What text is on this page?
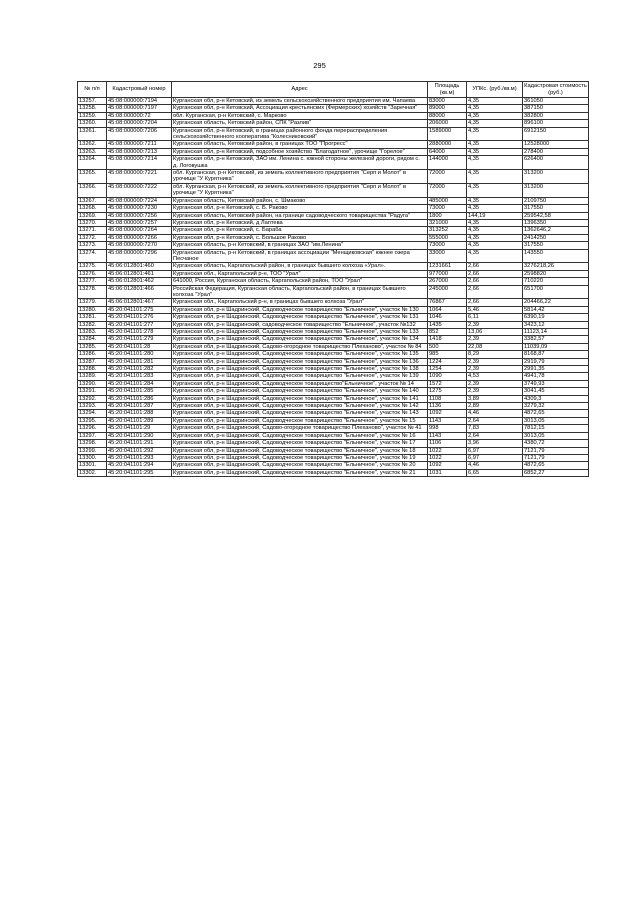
295
№ п/п	Кадастровый номер	Адрес	Площадь (кв.м)	УПКс. (руб./кв.м)	Кадастровая стоимость (руб.)
13257.	45:08:000000:7194	Курганская обл, р-н Кетовский, из земель сельскохозяйственного предприятия им. Чапаева	83000	4,35	361050
13258.	45:08:000000:7197	Курганская обл, р-н Кетовский, Ассоциация крестьянских (Фермерских) хозяйств "Заречная"	89000	4,35	387150
13259.	45:08:000000:72	обл. Курганская, р-н Кетовский, с. Марково	88000	4,35	382800
13260.	45:08:000000:7204	Курганская область, Кетовский район, СПК "Разлив"	206000	4,35	896100
13261.	45:08:000000:7206	Курганская обл, р-н Кетовский, в границах районного фонда перераспределения сельскохозяйственного кооператива "Колесниковский"	1589000	4,35	6912150
13262.	45:08:000000:7211	Курганская область, Кетовский район, в границах ТОО "Прогресс"	2880000	4,35	12528000
13263.	45:08:000000:7213	Курганская обл, р-н Кетовский, подсобное хозяйство "Благодатное", урочище "Горелое"	64000	4,35	278400
13264.	45:08:000000:7214	Курганская обл, р-н Кетовский, ЗАО им. Ленина с. южной стороны железной дороги, рядом с. д. Логовушка	144000	4,35	626400
13265.	45:08:000000:7221	обл. Курганская, р-н Кетовский, из земель коллективного предприятия "Серп и Молот" в урочище "У Курятника"	72000	4,35	313200
13266.	45:08:000000:7222	обл. Курганская, р-н Кетовский, из земель коллективного предприятия "Серп и Молот" в урочище "У Курятника"	72000	4,35	313200
13267.	45:08:000000:7224	Курганская область, Кетовский район, с. Шмаково	485000	4,35	2109750
13268.	45:08:000000:7230	Курганская обл, р-н Кетовский, с. Б. Раково	73000	4,35	317550
13269.	45:08:000000:7256	Курганская область, Кетовский район, на границе садоводческого товарищества "Радуга"	1800	144,19	259542,58
13270.	45:08:000000:7257	Курганская обл, р-н Кетовский, д Лаптева	321000	4,35	1396350
13271.	45:08:000000:7264	Курганская обл, р-н Кетовский, с. Бараба	313252	4,35	1362646,2
13272.	45:08:000000:7266	Курганская обл, р-н Кетовский, с. Большое Раково	555000	4,35	2414250
13273.	45:08:000000:7270	Курганская область, р-н Кетовский, в границах ЗАО "им.Ленина"	73000	4,35	317550
13274.	45:08:000000:7296	Курганская область, р-н Кетовский, в границах ассоциации "Менщиковская" южнее озера Песчаное	33000	4,35	143550
13275.	45:06:012801:460	Курганская область, Каргапольский район, в границах бывшего колхоза «Урал».	1231661	2,66	3276218,26
13276.	45:06:012801:461	Курганская обл., Каргапольский р-н, ТОО "Урал"	977000	2,66	2598820
13277.	45:06:012801:462	641000, Россия, Курганская область, Каргапольский район, ТОО "Урал"	267000	2,66	710220
13278.	45:06:012801:466	Российская Федерация, Курганская область, Каргапольский район, в границах бывшего колхоза "Урал"	245000	2,66	651700
13279.	45:06:012801:467	Курганская обл., Каргапольский р-н, в границах бывшего колхоза "Урал"	76867	2,66	204466,22
13280.	45:20:041101:275	Курганская обл, р-н Шадринский, Садоводческое товарищество "Ельничное", участок № 130	1064	5,46	5814,42
13281.	45:20:041101:276	Курганская обл, р-н Шадринский, Садоводческое товарищество "Ельничное", участок № 131	1046	6,11	6390,19
13282.	45:20:041101:277	Курганская обл, р-н Шадринский, садоводческое товарищество "Ельничное", участок №132	1435	2,39	3423,12
13283.	45:20:041101:278	Курганская обл, р-н Шадринский, Садоводческое товарищество "Ельничное", участок № 133	852	13,06	11123,14
13284.	45:20:041101:279	Курганская обл, р-н Шадринский, Садоводческое товарищество "Ельничное", участок № 134	1418	2,39	3382,57
13285.	45:20:041101:28	Курганская обл, р-н Шадринский, Садово-огородное товарищество Плеханово", участок № 84	500	22,08	11039,09
13286.	45:20:041101:280	Курганская обл, р-н Шадринский, Садоводческое товарищество "Ельничное", участок № 135	985	8,29	8168,87
13287.	45:20:041101:281	Курганская обл, р-н Шадринский, Садоводческое товарищество "Ельничное", участок № 136	1224	2,39	2919,79
13288.	45:20:041101:282	Курганская обл, р-н Шадринский, Садоводческое товарищество "Ельничное", участок № 138	1254	2,39	2991,35
13289.	45:20:041101:283	Курганская обл, р-н Шадринский, Садоводческое товарищество "Ельничное", участок № 139	1090	4,53	4941,78
13290.	45:20:041101:284	Курганская обл, р-н Шадринский, Садоводческое товарищество"Ельничное", участок № 14	1572	2,39	3749,93
13291.	45:20:041101:285	Курганская обл, р-н Шадринский, Садоводческое товарищество "Ельничное", участок № 140	1275	2,39	3041,45
13292.	45:20:041101:286	Курганская обл, р-н Шадринский, Садоводческое товарищество "Ельничное", участок № 141	1108	3,89	4309,3
13293.	45:20:041101:287	Курганская обл, р-н Шадринский, Садоводческое товарищество "Ельничное", участок № 142	1136	2,89	3279,32
13294.	45:20:041101:288	Курганская обл, р-н Шадринский, Садоводческое товарищество "Ельничное", участок № 143	1092	4,46	4872,65
13295.	45:20:041101:289	Курганская обл, р-н Шадринский, Садоводческое товарищество "Ельничное", участок № 15	1143	2,64	3013,05
13296.	45:20:041101:29	Курганская обл, р-н Шадринский, Садово-огородное товарищество Плеханово", участок № 41	998	7,83	7812,15
13297.	45:20:041101:290	Курганская обл, р-н Шадринский, Садоводческое товарищество "Ельничное", участок № 16	1143	2,64	3013,05
13298.	45:20:041101:291	Курганская обл, р-н Шадринский, Садоводческое товарищество "Ельничное", участок № 17	1106	3,96	4380,72
13299.	45:20:041101:292	Курганская обл, р-н Шадринский, Садоводческое товарищество "Ельничное", участок № 18	1022	6,97	7121,79
13300.	45:20:041101:293	Курганская обл, р-н Шадринский, Садоводческое товарищество "Ельничное", участок № 19	1022	6,97	7121,79
13301.	45:20:041101:294	Курганская обл, р-н Шадринский, Садоводческое товарищество "Ельничное", участок № 20	1092	4,46	4872,65
13302.	45:20:041101:295	Курганская обл, р-н Шадринский, Садоводческое товарищество "Ельничное", участок № 21	1031	6,65	6852,27
